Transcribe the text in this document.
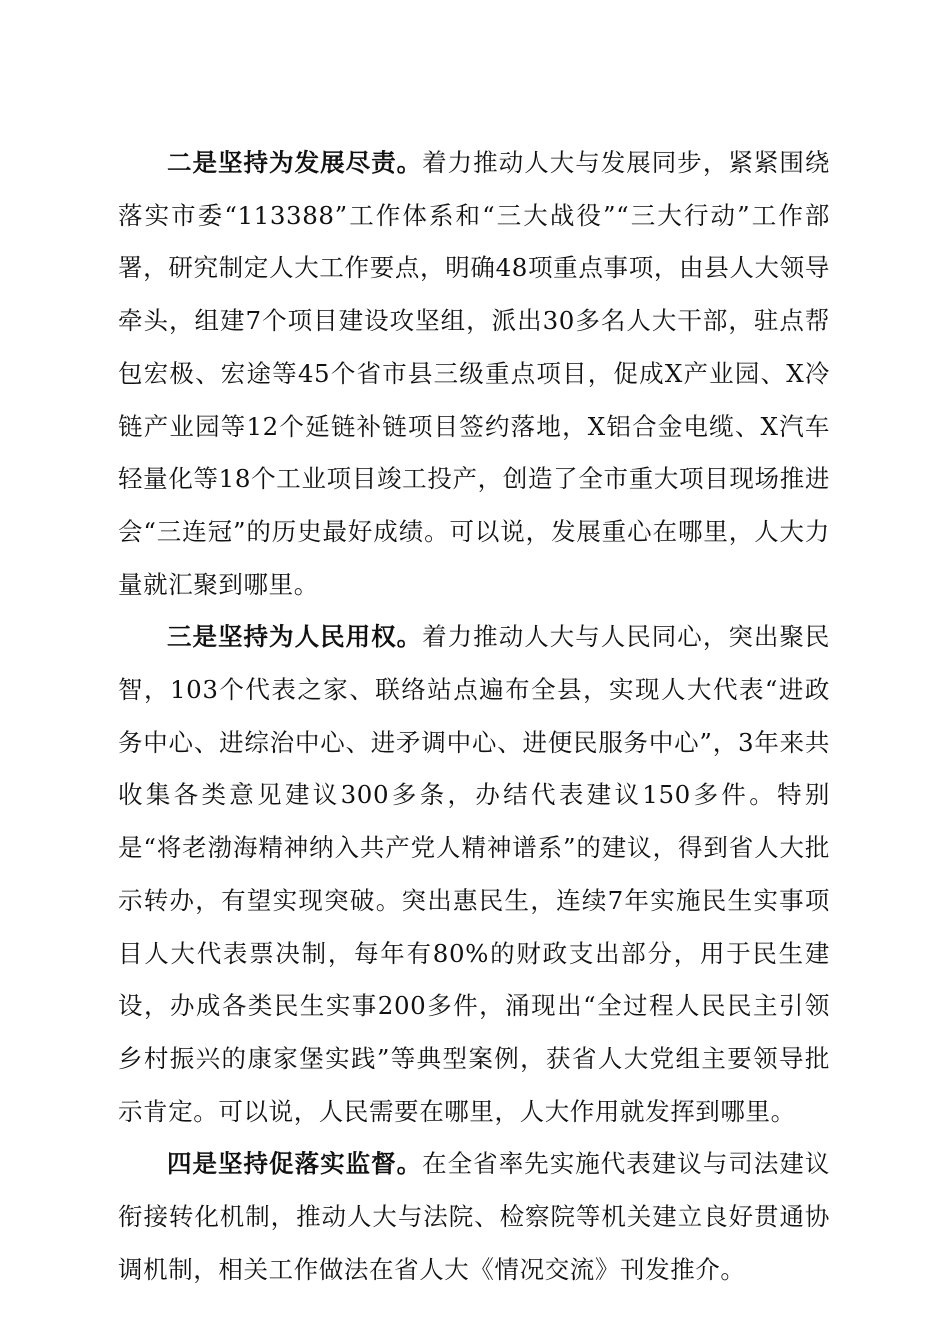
二是坚持为发展尽责。着力推动人大与发展同步，紧紧围绕落实市委“113388”工作体系和“三大战役”“三大行动”工作部署，研究制定人大工作要点，明确48项重点事项，由县人大领导牵头，组建7个项目建设攻坚组，派出30多名人大干部，驻点帮包宏极、宏途等45个省市县三级重点项目，促成X产业园、X冷链产业园等12个延链补链项目签约落地，X铝合金电缆、X汽车轻量化等18个工业项目竣工投产，创造了全市重大项目现场推进会“三连冠”的历史最好成绩。可以说，发展重心在哪里，人大力量就汇聚到哪里。

三是坚持为人民用权。着力推动人大与人民同心，突出聚民智，103个代表之家、联络站点遍布全县，实现人大代表“进政务中心、进综治中心、进矛调中心、进便民服务中心”，3年来共收集各类意见建议300多条，办结代表建议150多件。特别是“将老渤海精神纳入共产党人精神谱系”的建议，得到省人大批示转办，有望实现突破。突出惠民生，连续7年实施民生实事项目人大代表票决制，每年有80%的财政支出部分，用于民生建设，办成各类民生实事200多件，涌现出“全过程人民民主引领乡村振兴的康家堡实践”等典型案例，获省人大党组主要领导批示肯定。可以说，人民需要在哪里，人大作用就发挥到哪里。

四是坚持促落实监督。在全省率先实施代表建议与司法建议衔接转化机制，推动人大与法院、检察院等机关建立良好贯通协调机制，相关工作做法在省人大《情况交流》刊发推介。
